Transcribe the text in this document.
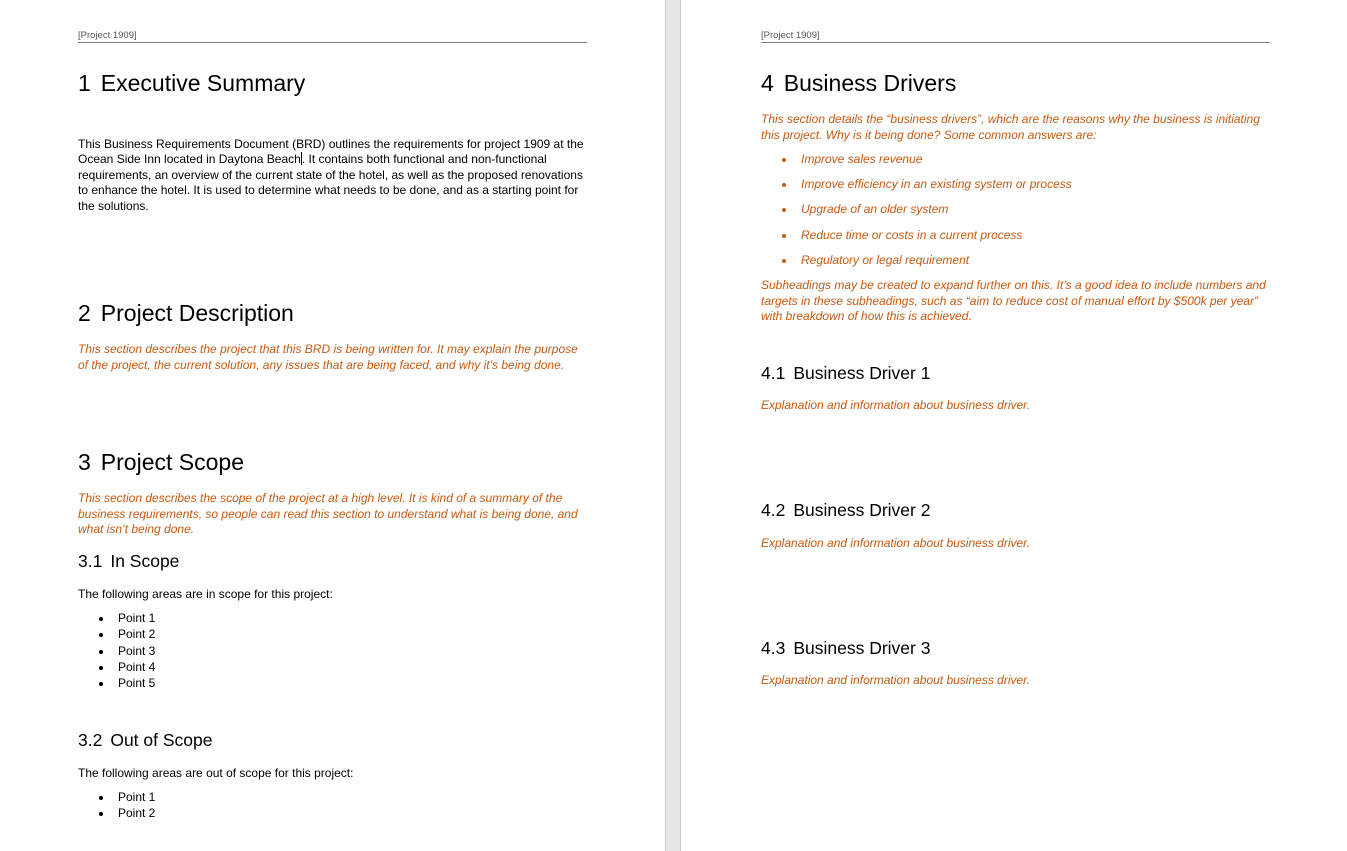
[Project 1909]
1 Executive Summary
This Business Requirements Document (BRD) outlines the requirements for project 1909 at the Ocean Side Inn located in Daytona Beach. It contains both functional and non-functional requirements, an overview of the current state of the hotel, as well as the proposed renovations to enhance the hotel. It is used to determine what needs to be done, and as a starting point for the solutions.
2 Project Description
This section describes the project that this BRD is being written for. It may explain the purpose of the project, the current solution, any issues that are being faced, and why it’s being done.
3 Project Scope
This section describes the scope of the project at a high level. It is kind of a summary of the business requirements, so people can read this section to understand what is being done, and what isn’t being done.
3.1 In Scope
The following areas are in scope for this project:
Point 1
Point 2
Point 3
Point 4
Point 5
3.2 Out of Scope
The following areas are out of scope for this project:
Point 1
Point 2
[Project 1909]
4 Business Drivers
This section details the “business drivers”, which are the reasons why the business is initiating this project. Why is it being done? Some common answers are:
Improve sales revenue
Improve efficiency in an existing system or process
Upgrade of an older system
Reduce time or costs in a current process
Regulatory or legal requirement
Subheadings may be created to expand further on this. It’s a good idea to include numbers and targets in these subheadings, such as “aim to reduce cost of manual effort by $500k per year” with breakdown of how this is achieved.
4.1 Business Driver 1
Explanation and information about business driver.
4.2 Business Driver 2
Explanation and information about business driver.
4.3 Business Driver 3
Explanation and information about business driver.
